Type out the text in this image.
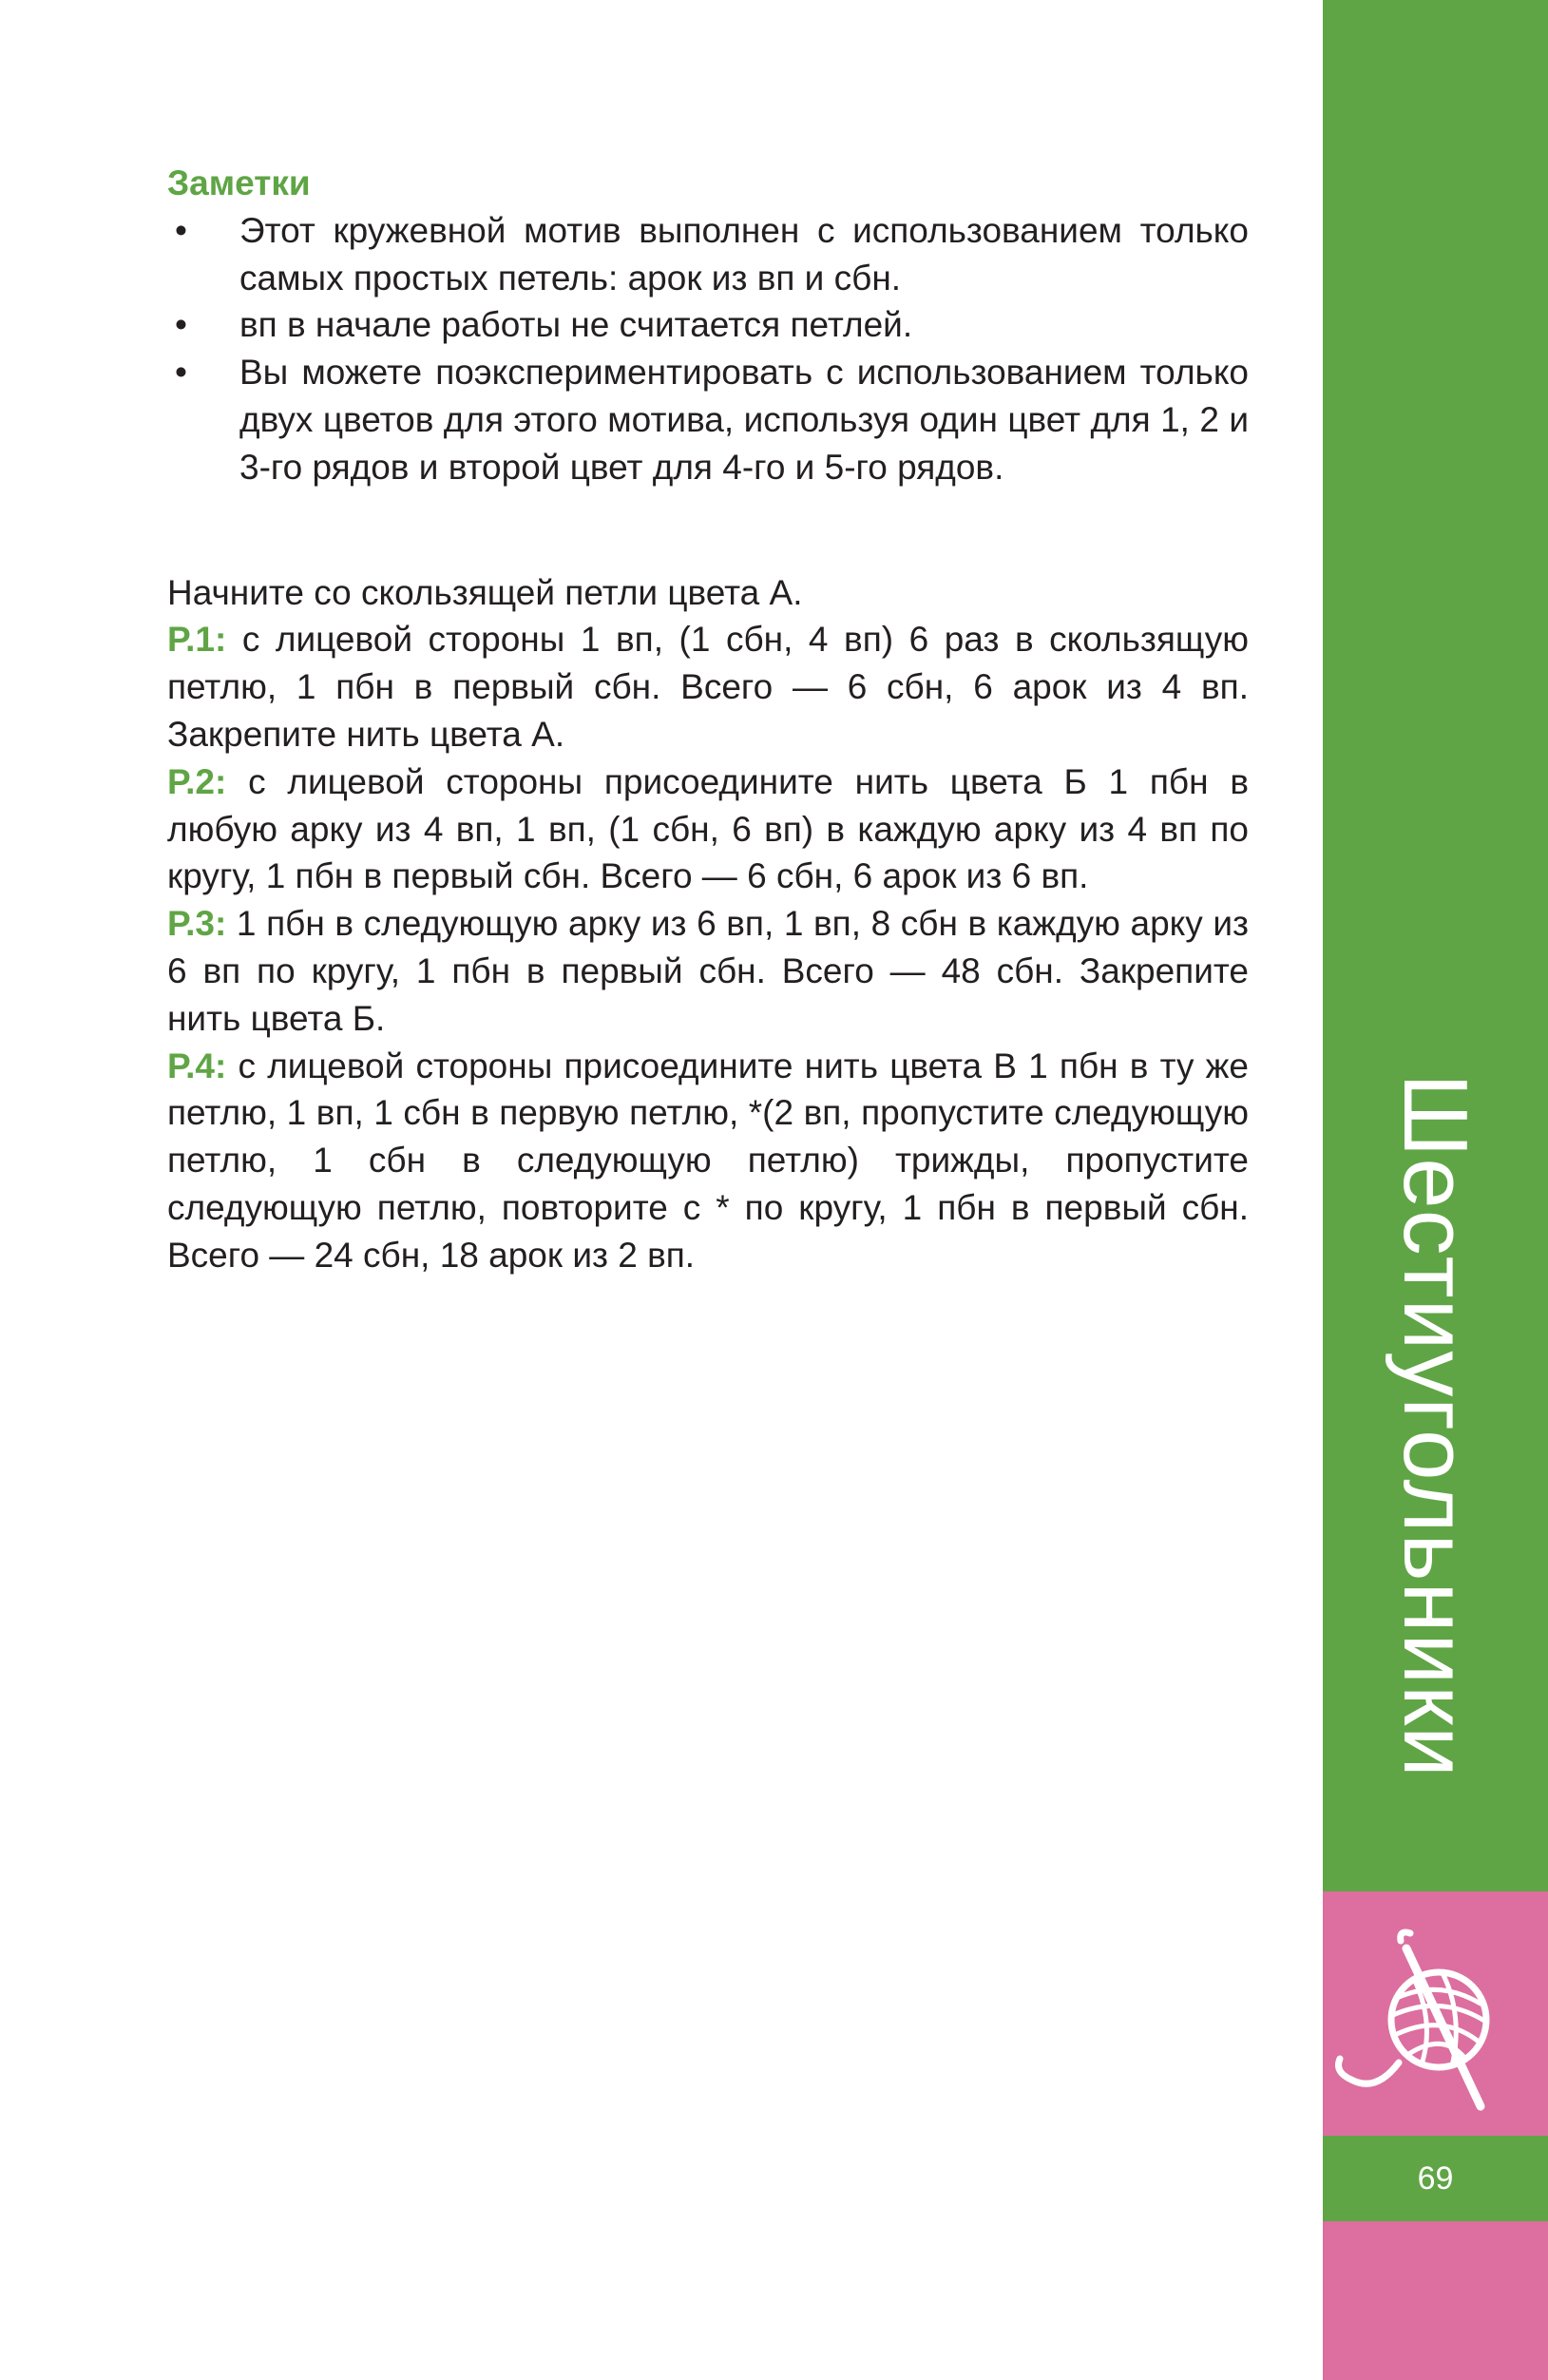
Заметки

• Этот кружевной мотив выполнен с использованием только самых простых петель: арок из вп и сбн.
• вп в начале работы не считается петлей.
• Вы можете поэкспериментировать с использованием только двух цветов для этого мотива, используя один цвет для 1, 2 и 3-го рядов и второй цвет для 4-го и 5-го рядов.

Начните со скользящей петли цвета А.

Р.1: с лицевой стороны 1 вп, (1 сбн, 4 вп) 6 раз в скользящую петлю, 1 пбн в первый сбн. Всего — 6 сбн, 6 арок из 4 вп. Закрепите нить цвета А.

Р.2: с лицевой стороны присоедините нить цвета Б 1 пбн в любую арку из 4 вп, 1 вп, (1 сбн, 6 вп) в каждую арку из 4 вп по кругу, 1 пбн в первый сбн. Всего — 6 сбн, 6 арок из 6 вп.

Р.3: 1 пбн в следующую арку из 6 вп, 1 вп, 8 сбн в каждую арку из 6 вп по кругу, 1 пбн в первый сбн. Всего — 48 сбн. Закрепите нить цвета Б.

Р.4: с лицевой стороны присоедините нить цвета В 1 пбн в ту же петлю, 1 вп, 1 сбн в первую петлю, *(2 вп, пропустите следующую петлю, 1 сбн в следующую петлю) трижды, пропустите следующую петлю, повторите с * по кругу, 1 пбн в первый сбн. Всего — 24 сбн, 18 арок из 2 вп.	Шестиугольники
69
